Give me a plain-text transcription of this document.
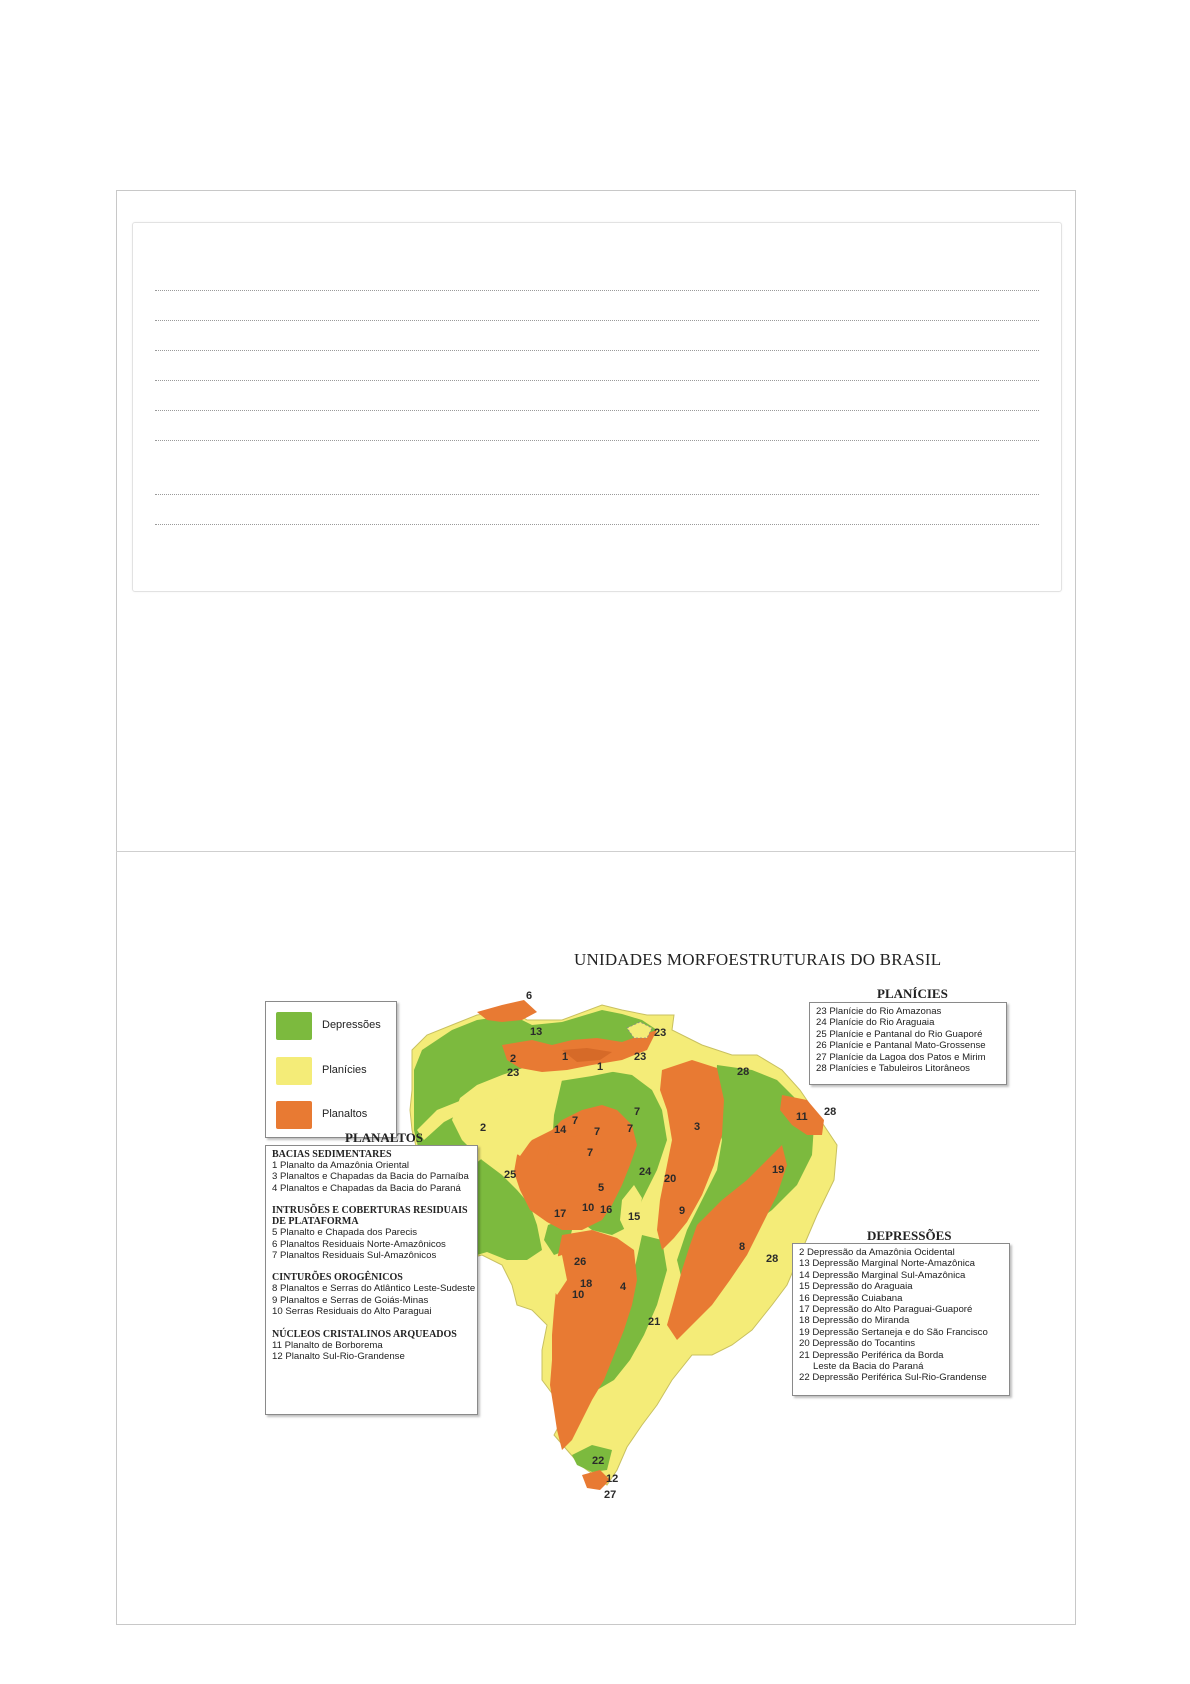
6
13
2
23
1
1
23
23
28
2	14
7
7 7
7
7
3
11 28
19
25
5
24
20
17 10 16
15	9
8
28
26
18
10
4
21
22
12
27
UNIDADES MORFOESTRUTURAIS DO BRASIL
Depressões
Planícies
Planaltos
PLANÍCIES
23 Planície do Rio Amazonas
24 Planície do Rio Araguaia
25 Planície e Pantanal do Rio Guaporé
26 Planície e Pantanal Mato-Grossense
27 Planície da Lagoa dos Patos e Mirim
28 Planícies e Tabuleiros Litorâneos
PLANALTOS
BACIAS SEDIMENTARES
1 Planalto da Amazônia Oriental
3 Planaltos e Chapadas da Bacia do Parnaíba
4 Planaltos e Chapadas da Bacia do Paraná
INTRUSÕES E COBERTURAS RESIDUAIS DE PLATAFORMA
5 Planalto e Chapada dos Parecis
6 Planaltos Residuais Norte-Amazônicos
7 Planaltos Residuais Sul-Amazônicos
CINTURÕES OROGÊNICOS
8 Planaltos e Serras do Atlântico Leste-Sudeste
9 Planaltos e Serras de Goiás-Minas
10 Serras Residuais do Alto Paraguai
NÚCLEOS CRISTALINOS ARQUEADOS
11 Planalto de Borborema
12 Planalto Sul-Rio-Grandense
DEPRESSÕES
2 Depressão da Amazônia Ocidental
13 Depressão Marginal Norte-Amazônica
14 Depressão Marginal Sul-Amazônica
15 Depressão do Araguaia
16 Depressão Cuiabana
17 Depressão do Alto Paraguai-Guaporé
18 Depressão do Miranda
19 Depressão Sertaneja e do São Francisco
20 Depressão do Tocantins
21 Depressão Periférica da Borda
Leste da Bacia do Paraná
22 Depressão Periférica Sul-Rio-Grandense
